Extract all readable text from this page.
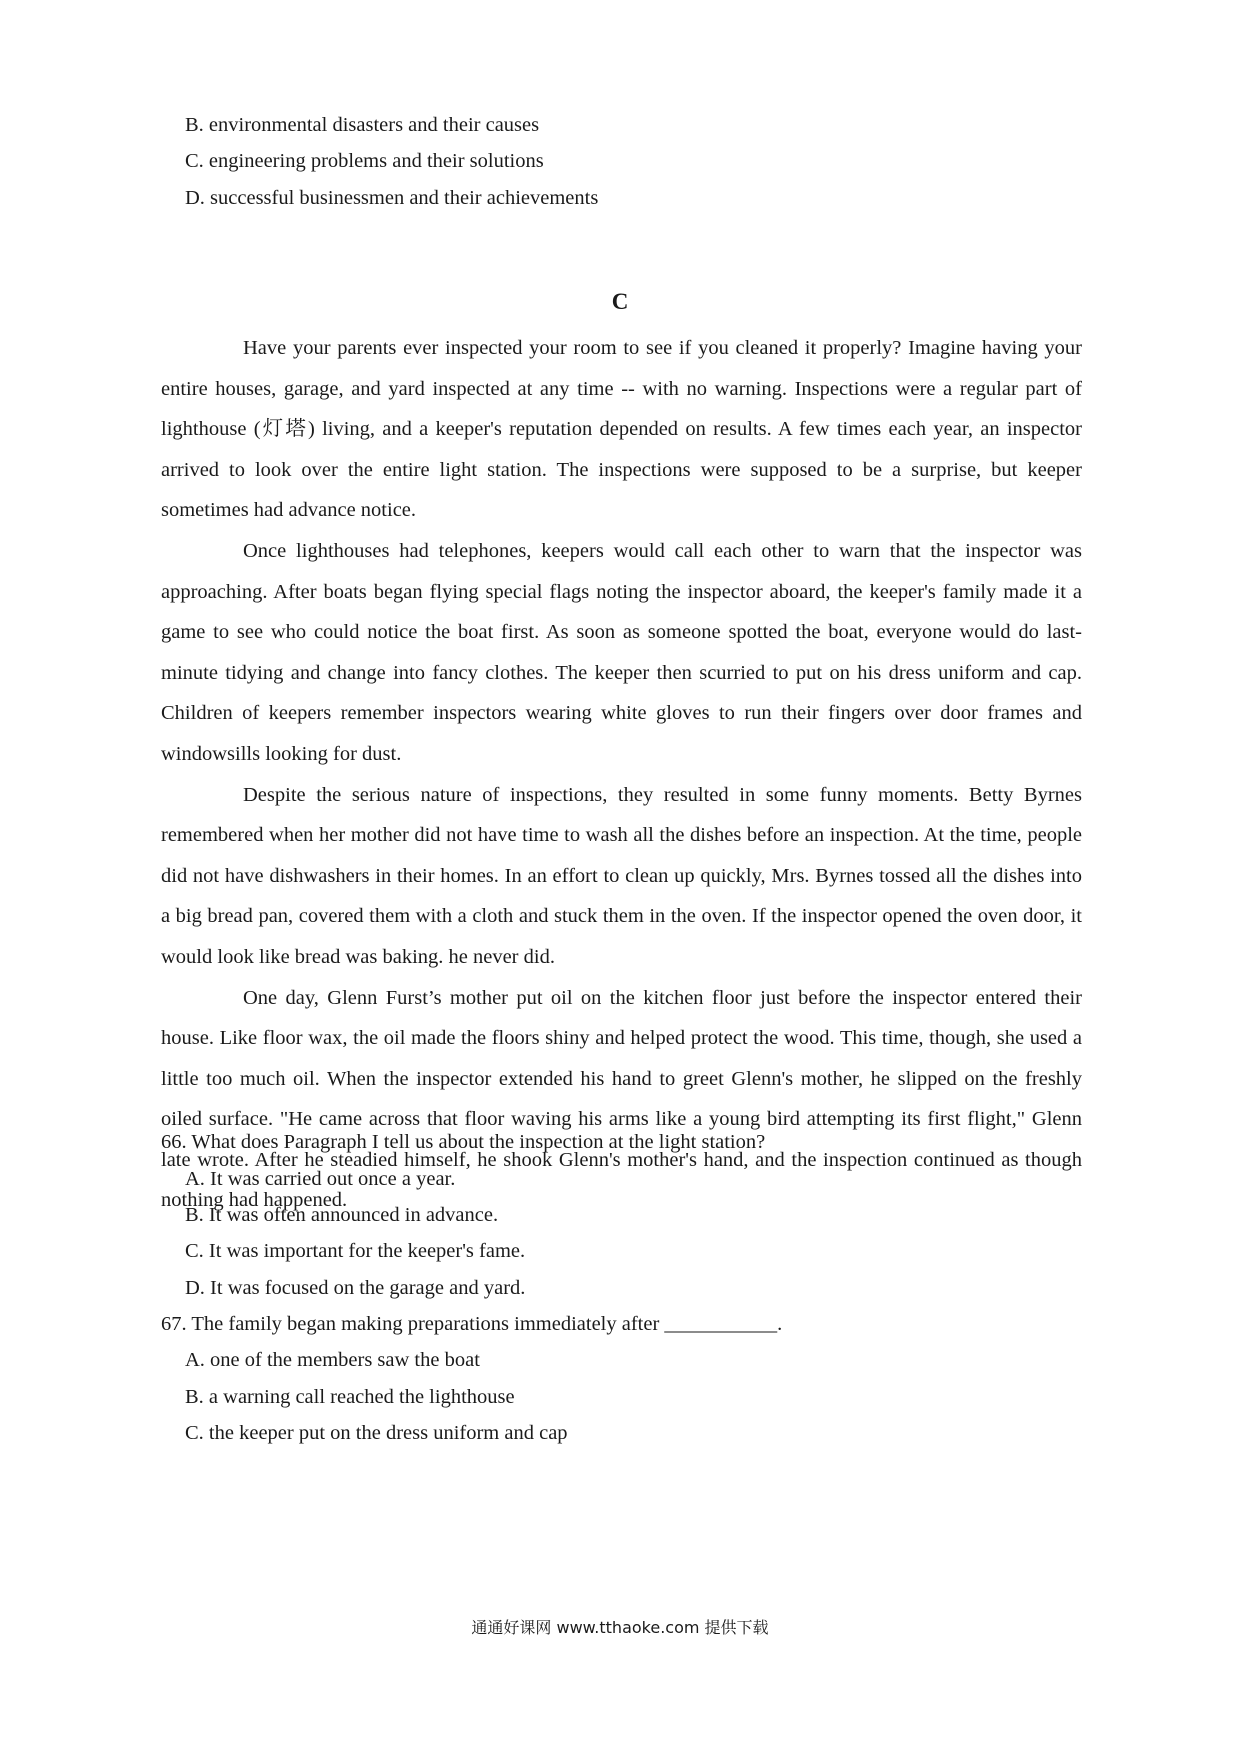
B. environmental disasters and their causes
C. engineering problems and their solutions
D. successful businessmen and their achievements
C

Have your parents ever inspected your room to see if you cleaned it properly? Imagine having your entire houses, garage, and yard inspected at any time -- with no warning. Inspections were a regular part of lighthouse (灯塔) living, and a keeper's reputation depended on results. A few times each year, an inspector arrived to look over the entire light station. The inspections were supposed to be a surprise, but keeper sometimes had advance notice.

Once lighthouses had telephones, keepers would call each other to warn that the inspector was approaching. After boats began flying special flags noting the inspector aboard, the keeper's family made it a game to see who could notice the boat first. As soon as someone spotted the boat, everyone would do last-minute tidying and change into fancy clothes. The keeper then scurried to put on his dress uniform and cap. Children of keepers remember inspectors wearing white gloves to run their fingers over door frames and windowsills looking for dust.

Despite the serious nature of inspections, they resulted in some funny moments. Betty Byrnes remembered when her mother did not have time to wash all the dishes before an inspection. At the time, people did not have dishwashers in their homes. In an effort to clean up quickly, Mrs. Byrnes tossed all the dishes into a big bread pan, covered them with a cloth and stuck them in the oven. If the inspector opened the oven door, it would look like bread was baking. he never did.

One day, Glenn Furst’s mother put oil on the kitchen floor just before the inspector entered their house. Like floor wax, the oil made the floors shiny and helped protect the wood. This time, though, she used a little too much oil. When the inspector extended his hand to greet Glenn's mother, he slipped on the freshly oiled surface. "He came across that floor waving his arms like a young bird attempting its first flight," Glenn late wrote. After he steadied himself, he shook Glenn's mother's hand, and the inspection continued as though nothing had happened.

66. What does Paragraph I tell us about the inspection at the light station?
A. It was carried out once a year.
B. It was often announced in advance.
C. It was important for the keeper's fame.
D. It was focused on the garage and yard.
67. The family began making preparations immediately after ___________.
A. one of the members saw the boat
B. a warning call reached the lighthouse
C. the keeper put on the dress uniform and cap
通通好课网 www.tthaoke.com 提供下载
